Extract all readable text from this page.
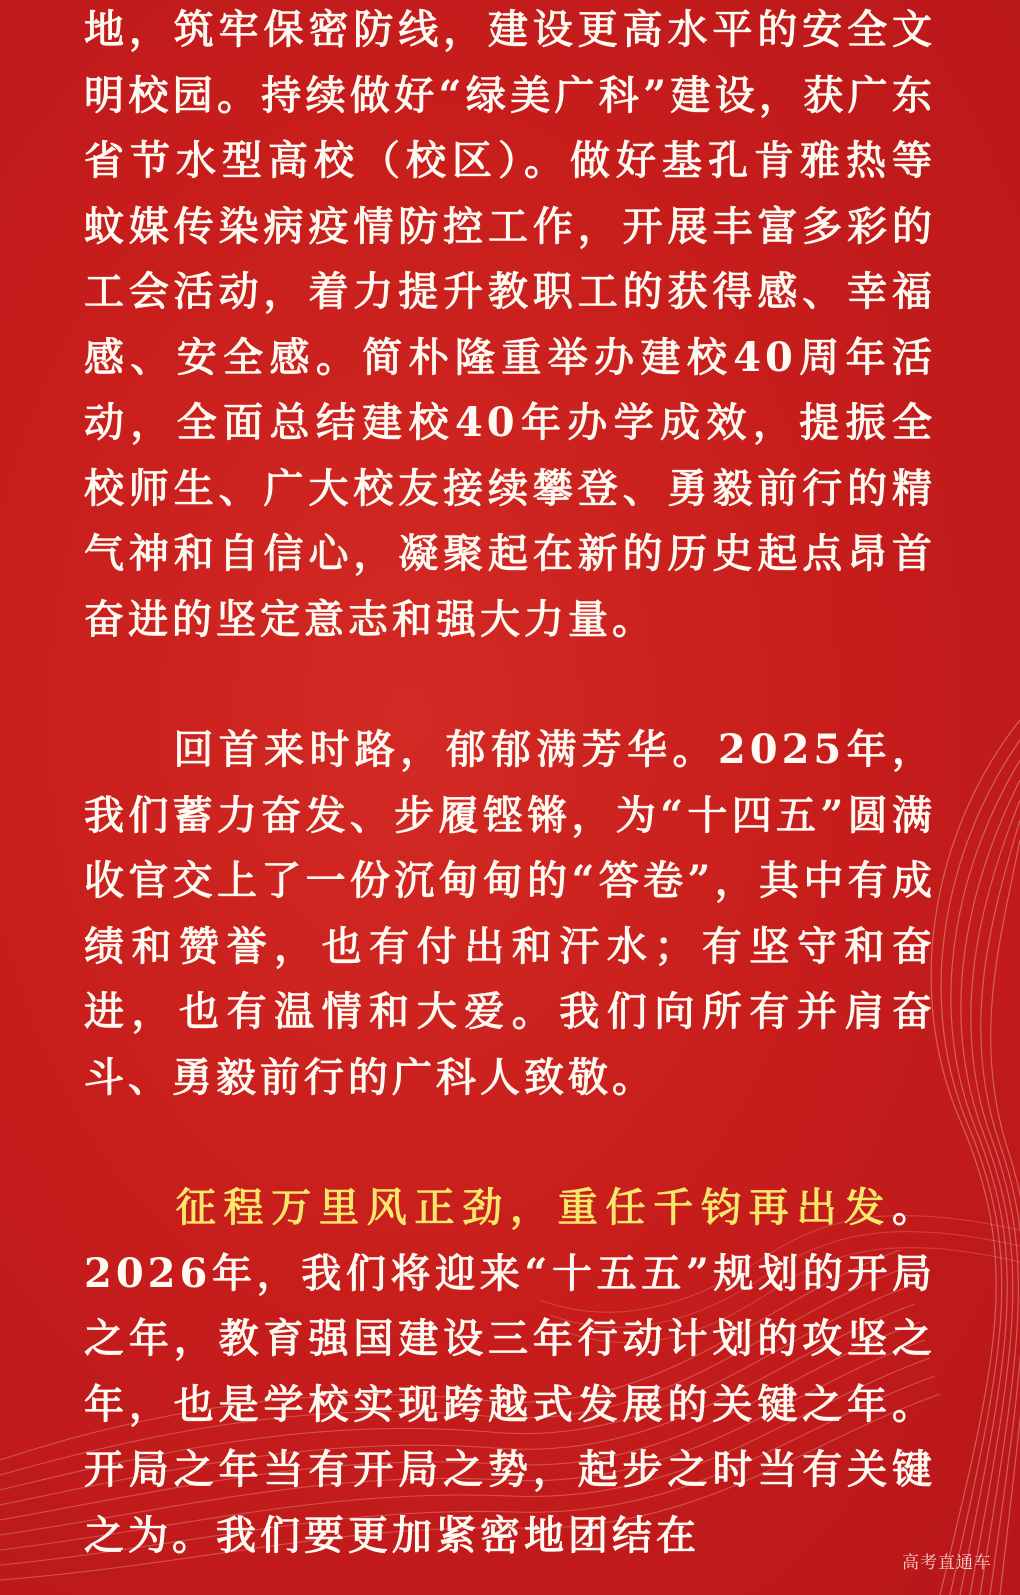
地，筑牢保密防线，建设更高水平的安全文明校园。持续做好“绿美广科”建设，获广东省节水型高校（校区）。做好基孔肯雅热等蚊媒传染病疫情防控工作，开展丰富多彩的工会活动，着力提升教职工的获得感、幸福感、安全感。简朴隆重举办建校40周年活动，全面总结建校40年办学成效，提振全校师生、广大校友接续攀登、勇毅前行的精气神和自信心，凝聚起在新的历史起点昂首奋进的坚定意志和强大力量。

回首来时路，郁郁满芳华。2025年，我们蓄力奋发、步履铿锵，为“十四五”圆满收官交上了一份沉甸甸的“答卷”，其中有成绩和赞誉，也有付出和汗水；有坚守和奋进，也有温情和大爱。我们向所有并肩奋斗、勇毅前行的广科人致敬。

征程万里风正劲，重任千钧再出发。2026年，我们将迎来“十五五”规划的开局之年，教育强国建设三年行动计划的攻坚之年，也是学校实现跨越式发展的关键之年。开局之年当有开局之势，起步之时当有关键之为。我们要更加紧密地团结在

高考直通车
